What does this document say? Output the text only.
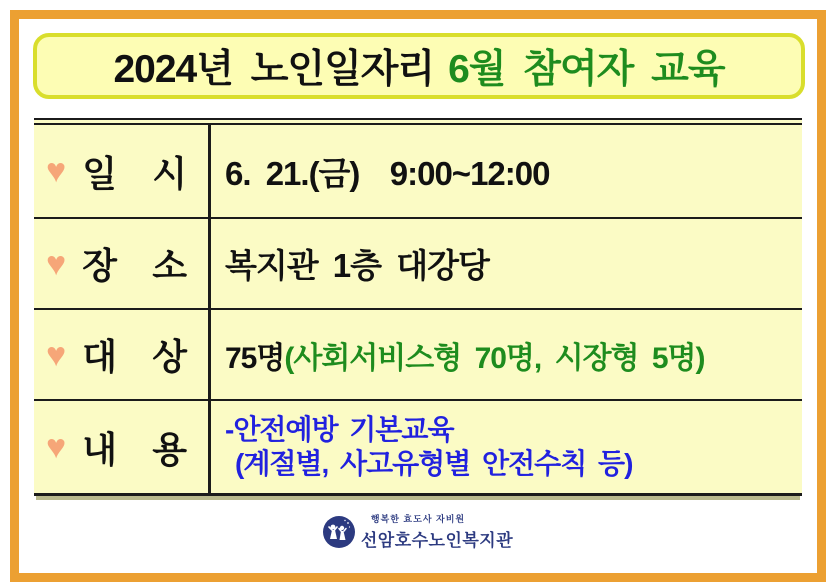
2024년 노인일자리 6월 참여자 교육
♥ 일 시 6. 21.(금)  9:00~12:00
♥ 장 소 복지관 1층 대강당
♥ 대 상 75명(사회서비스형 70명, 시장형 5명)
♥ 내 용 -안전예방 기본교육
(계절별, 사고유형별 안전수칙 등)
행복한 효도사 자비원
선암호수노인복지관
